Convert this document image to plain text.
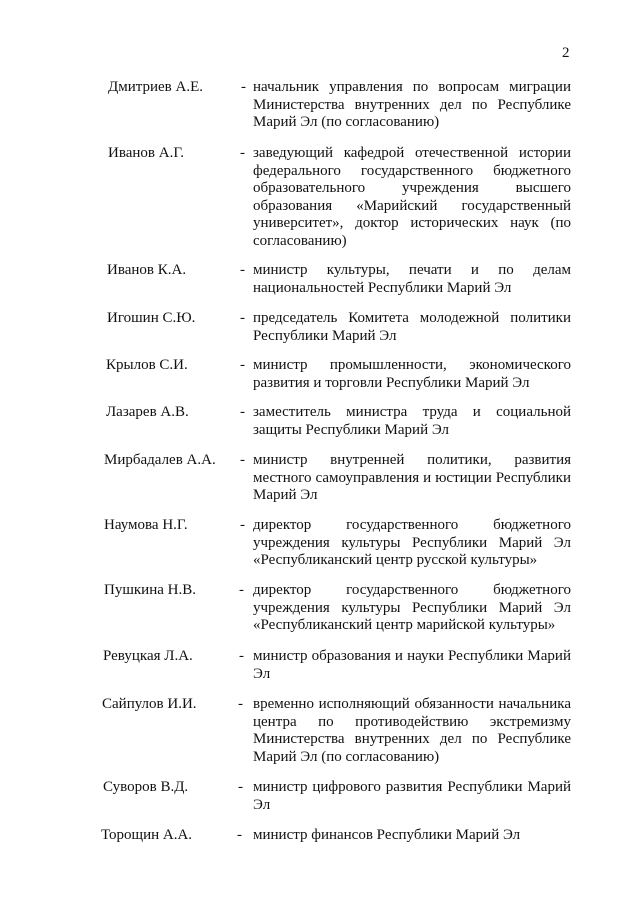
2
Дмитриев А.Е.	- начальник управления по вопросам миграции Министерства внутренних дел по Республике Марий Эл (по согласованию)
Иванов А.Г.	- заведующий кафедрой отечественной истории федерального государственного бюджетного образовательного учреждения высшего образования «Марийский государственный университет», доктор исторических наук (по согласованию)
Иванов К.А.	- министр культуры, печати и по делам национальностей Республики Марий Эл
Игошин С.Ю.	- председатель Комитета молодежной политики Республики Марий Эл
Крылов С.И.	- министр промышленности, экономического развития и торговли Республики Марий Эл
Лазарев А.В.	- заместитель министра труда и социальной защиты Республики Марий Эл
Мирбадалев А.А. - министр внутренней политики, развития местного самоуправления и юстиции Республики Марий Эл
Наумова Н.Г.	- директор государственного бюджетного учреждения культуры Республики Марий Эл «Республиканский центр русской культуры»
Пушкина Н.В.	- директор государственного бюджетного учреждения культуры Республики Марий Эл «Республиканский центр марийской культуры»
Ревуцкая Л.А.	- министр образования и науки Республики Марий Эл
Сайпулов И.И.	- временно исполняющий обязанности начальника центра по противодействию экстремизму Министерства внутренних дел по Республике Марий Эл (по согласованию)
Суворов В.Д.	- министр цифрового развития Республики Марий Эл
Торощин А.А.	- министр финансов Республики Марий Эл
